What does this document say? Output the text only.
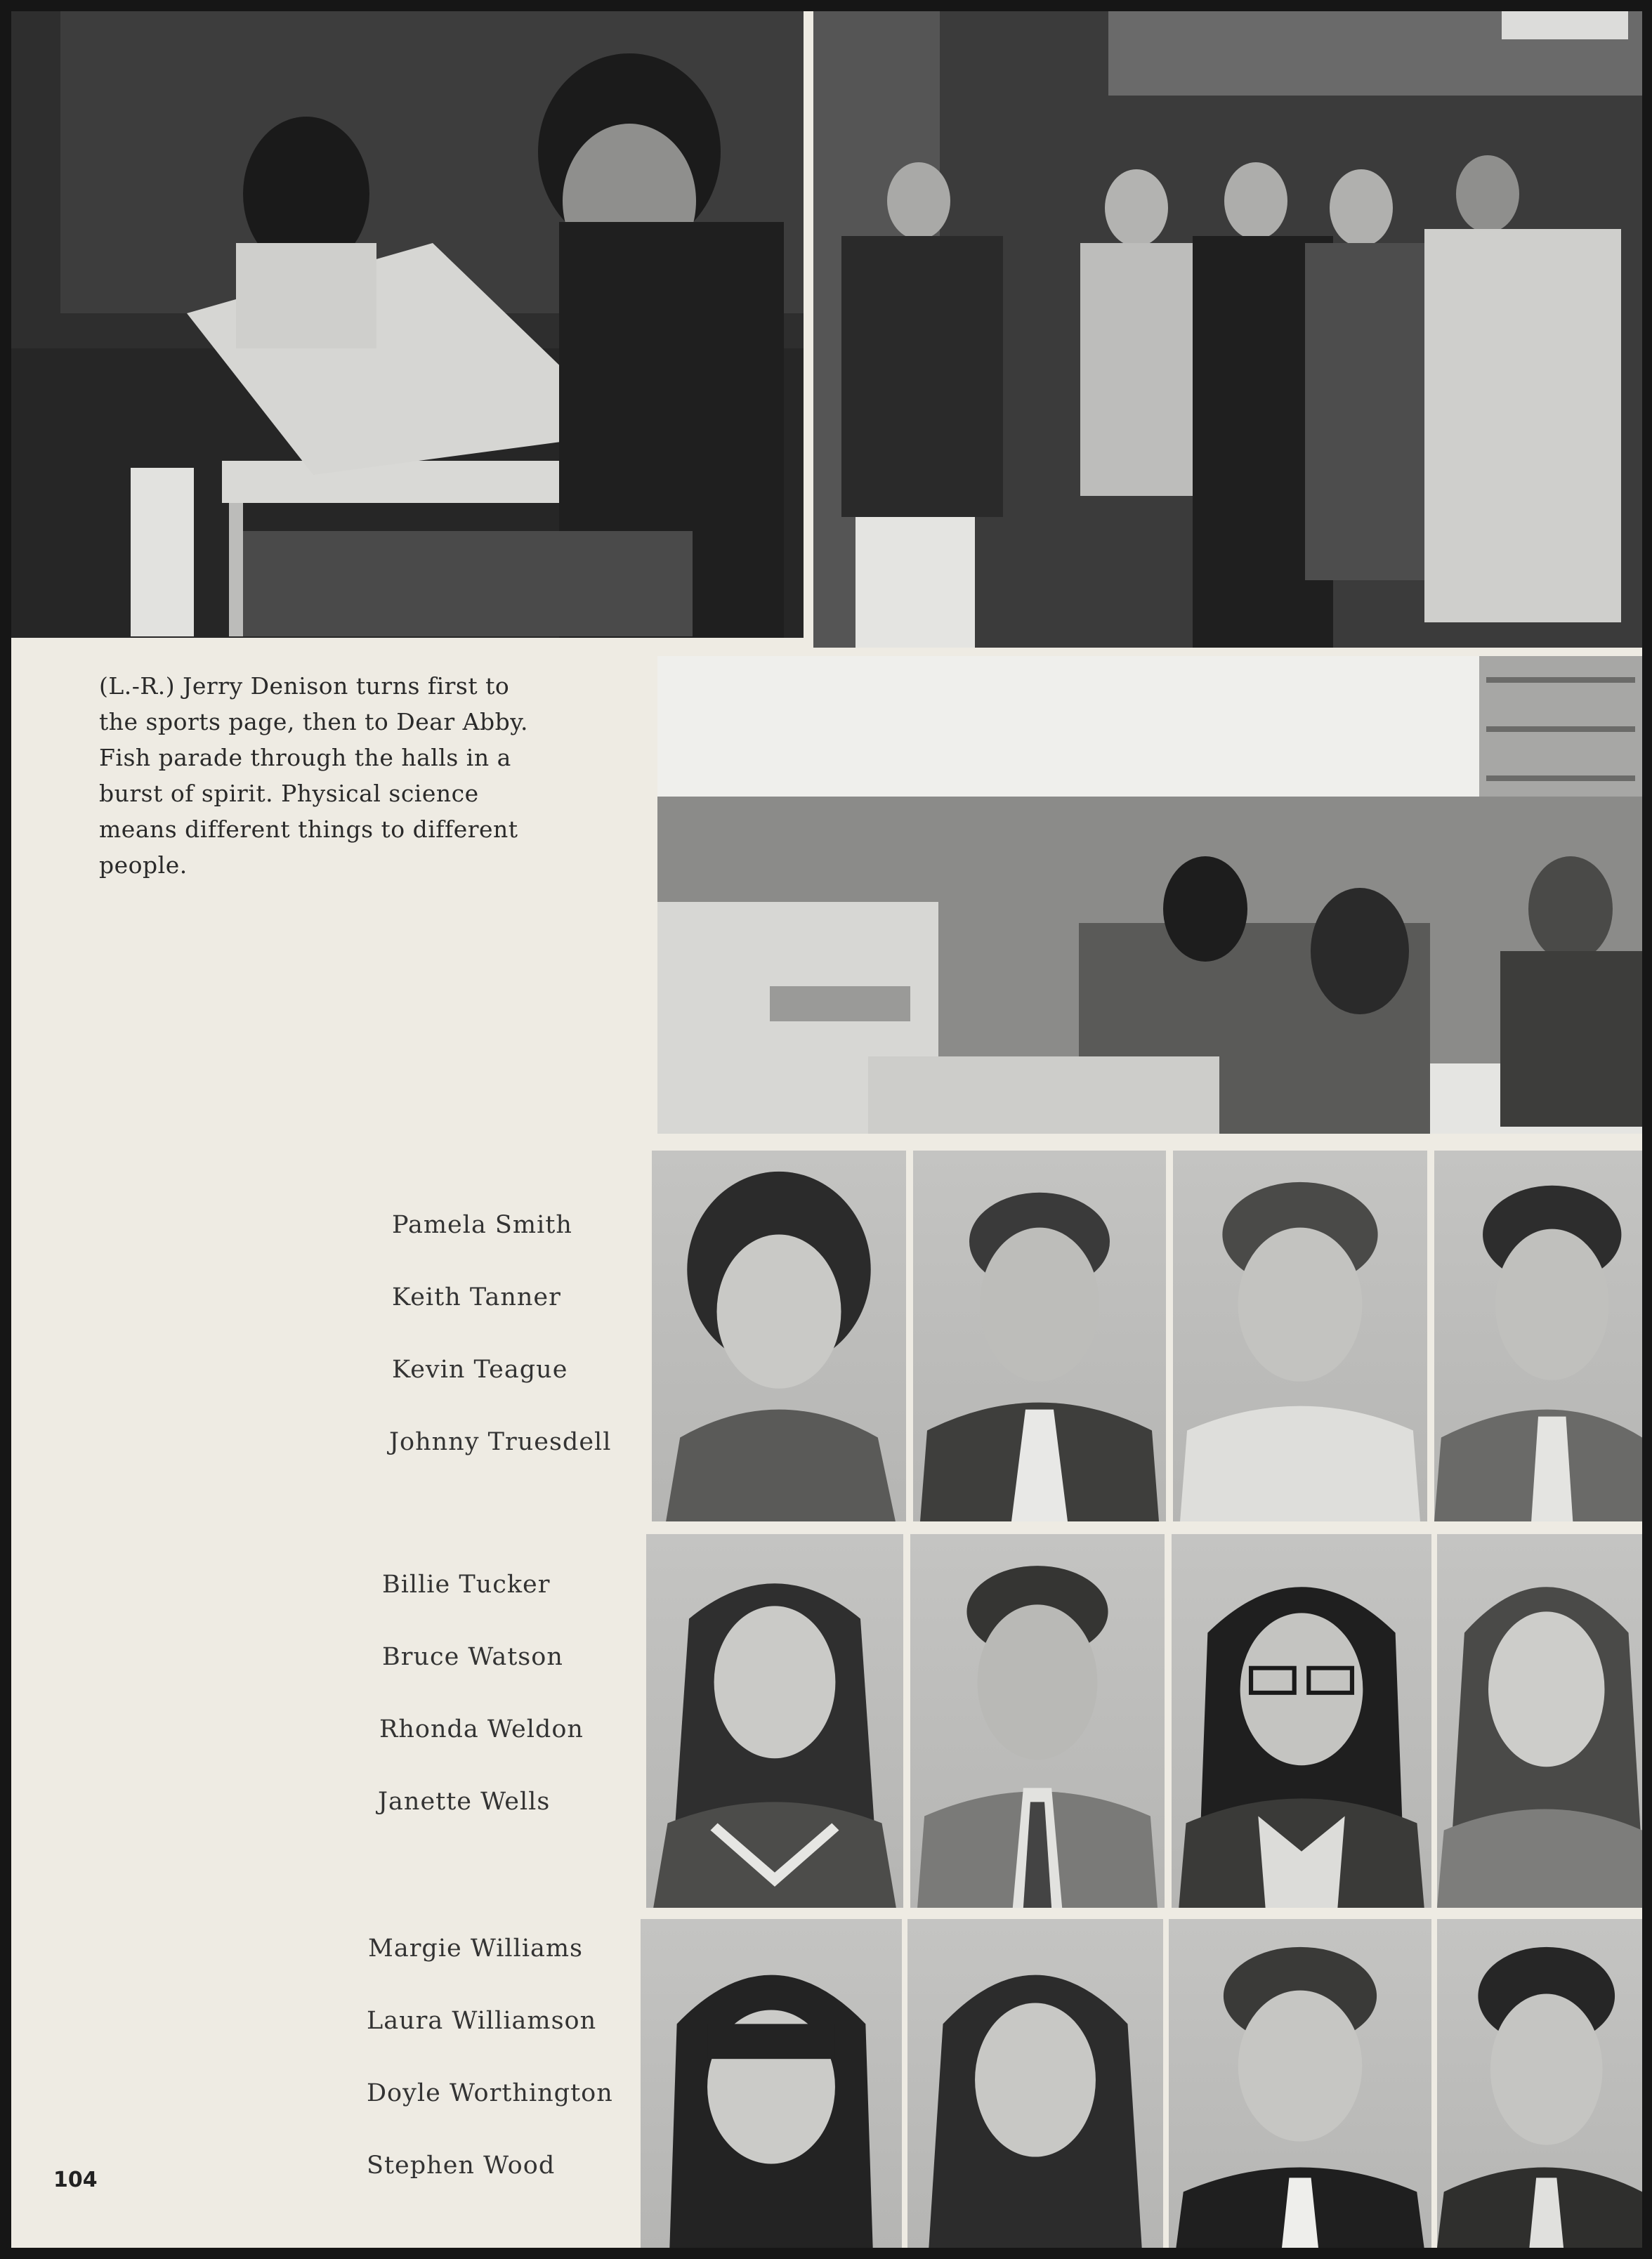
(L.-R.) Jerry Denison turns first to
the sports page, then to Dear Abby.
Fish parade through the halls in a
burst of spirit. Physical science
means different things to different
people.
Pamela Smith
Keith Tanner
Kevin Teague
Johnny Truesdell
Billie Tucker
Bruce Watson
Rhonda Weldon
Janette Wells
Margie Williams
Laura Williamson
Doyle Worthington
Stephen Wood
104
